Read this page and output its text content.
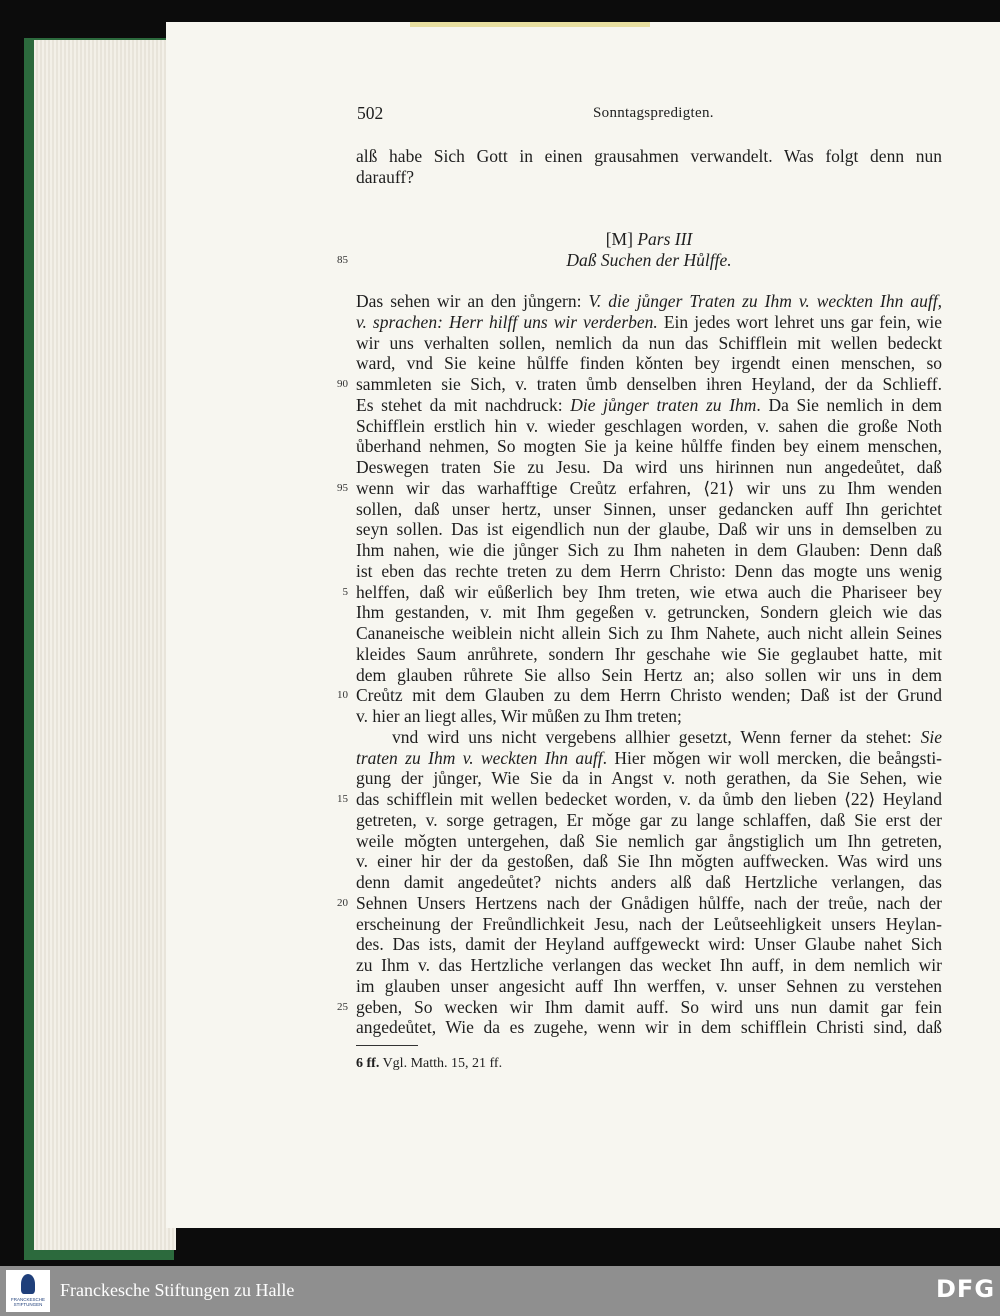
502	Sonntagspredigten.
alß habe Sich Gott in einen grausahmen verwandelt. Was folgt denn nun
darauff?
[M] Pars III
85	Daß Suchen der Hůlffe.
Das sehen wir an den jůngern: V. die jůnger Traten zu Ihm v. weckten Ihn auff,
v. sprachen: Herr hilff uns wir verderben. Ein jedes wort lehret uns gar fein, wie
wir uns verhalten sollen, nemlich da nun das Schifflein mit wellen bedeckt
ward, vnd Sie keine hůlffe finden kǒnten bey irgendt einen menschen, so
sammleten sie Sich, v. traten ůmb denselben ihren Heyland, der da Schlieff.
90
Es stehet da mit nachdruck: Die jůnger traten zu Ihm. Da Sie nemlich in dem
Schifflein erstlich hin v. wieder geschlagen worden, v. sahen die große Noth
ůberhand nehmen, So mogten Sie ja keine hůlffe finden bey einem menschen,
Deswegen traten Sie zu Jesu. Da wird uns hirinnen nun angedeůtet, daß
wenn wir das warhafftige Creůtz erfahren, ⟨21⟩ wir uns zu Ihm wenden
95
sollen, daß unser hertz, unser Sinnen, unser gedancken auff Ihn gerichtet
seyn sollen. Das ist eigendlich nun der glaube, Daß wir uns in demselben zu
Ihm nahen, wie die jůnger Sich zu Ihm naheten in dem Glauben: Denn daß
ist eben das rechte treten zu dem Herrn Christo: Denn das mogte uns wenig
helffen, daß wir eůßerlich bey Ihm treten, wie etwa auch die Phariseer bey
5
Ihm gestanden, v. mit Ihm gegeßen v. getruncken, Sondern gleich wie das
Cananeische weiblein nicht allein Sich zu Ihm Nahete, auch nicht allein Seines
kleides Saum anrůhrete, sondern Ihr geschahe wie Sie geglaubet hatte, mit
dem glauben růhrete Sie allso Sein Hertz an; also sollen wir uns in dem
Creůtz mit dem Glauben zu dem Herrn Christo wenden; Daß ist der Grund
10
v. hier an liegt alles, Wir můßen zu Ihm treten;
vnd wird uns nicht vergebens allhier gesetzt, Wenn ferner da stehet: Sie
traten zu Ihm v. weckten Ihn auff. Hier mǒgen wir woll mercken, die beångsti-
gung der jůnger, Wie Sie da in Angst v. noth gerathen, da Sie Sehen, wie
das schifflein mit wellen bedecket worden, v. da ůmb den lieben ⟨22⟩ Heyland
15
getreten, v. sorge getragen, Er mǒge gar zu lange schlaffen, daß Sie erst der
weile mǒgten untergehen, daß Sie nemlich gar ångstiglich um Ihn getreten,
v. einer hir der da gestoßen, daß Sie Ihn mǒgten auffwecken. Was wird uns
denn damit angedeůtet? nichts anders alß daß Hertzliche verlangen, das
Sehnen Unsers Hertzens nach der Gnådigen hůlffe, nach der treůe, nach der
20
erscheinung der Freůndlichkeit Jesu, nach der Leůtseehligkeit unsers Heylan-
des. Das ists, damit der Heyland auffgeweckt wird: Unser Glaube nahet Sich
zu Ihm v. das Hertzliche verlangen das wecket Ihn auff, in dem nemlich wir
im glauben unser angesicht auff Ihn werffen, v. unser Sehnen zu verstehen
geben, So wecken wir Ihm damit auff. So wird uns nun damit gar fein
25
angedeůtet, Wie da es zugehe, wenn wir in dem schifflein Christi sind, daß
6 ff. Vgl. Matth. 15, 21 ff.
FRANCKESCHE STIFTUNGEN
Franckesche Stiftungen zu Halle	DFG
